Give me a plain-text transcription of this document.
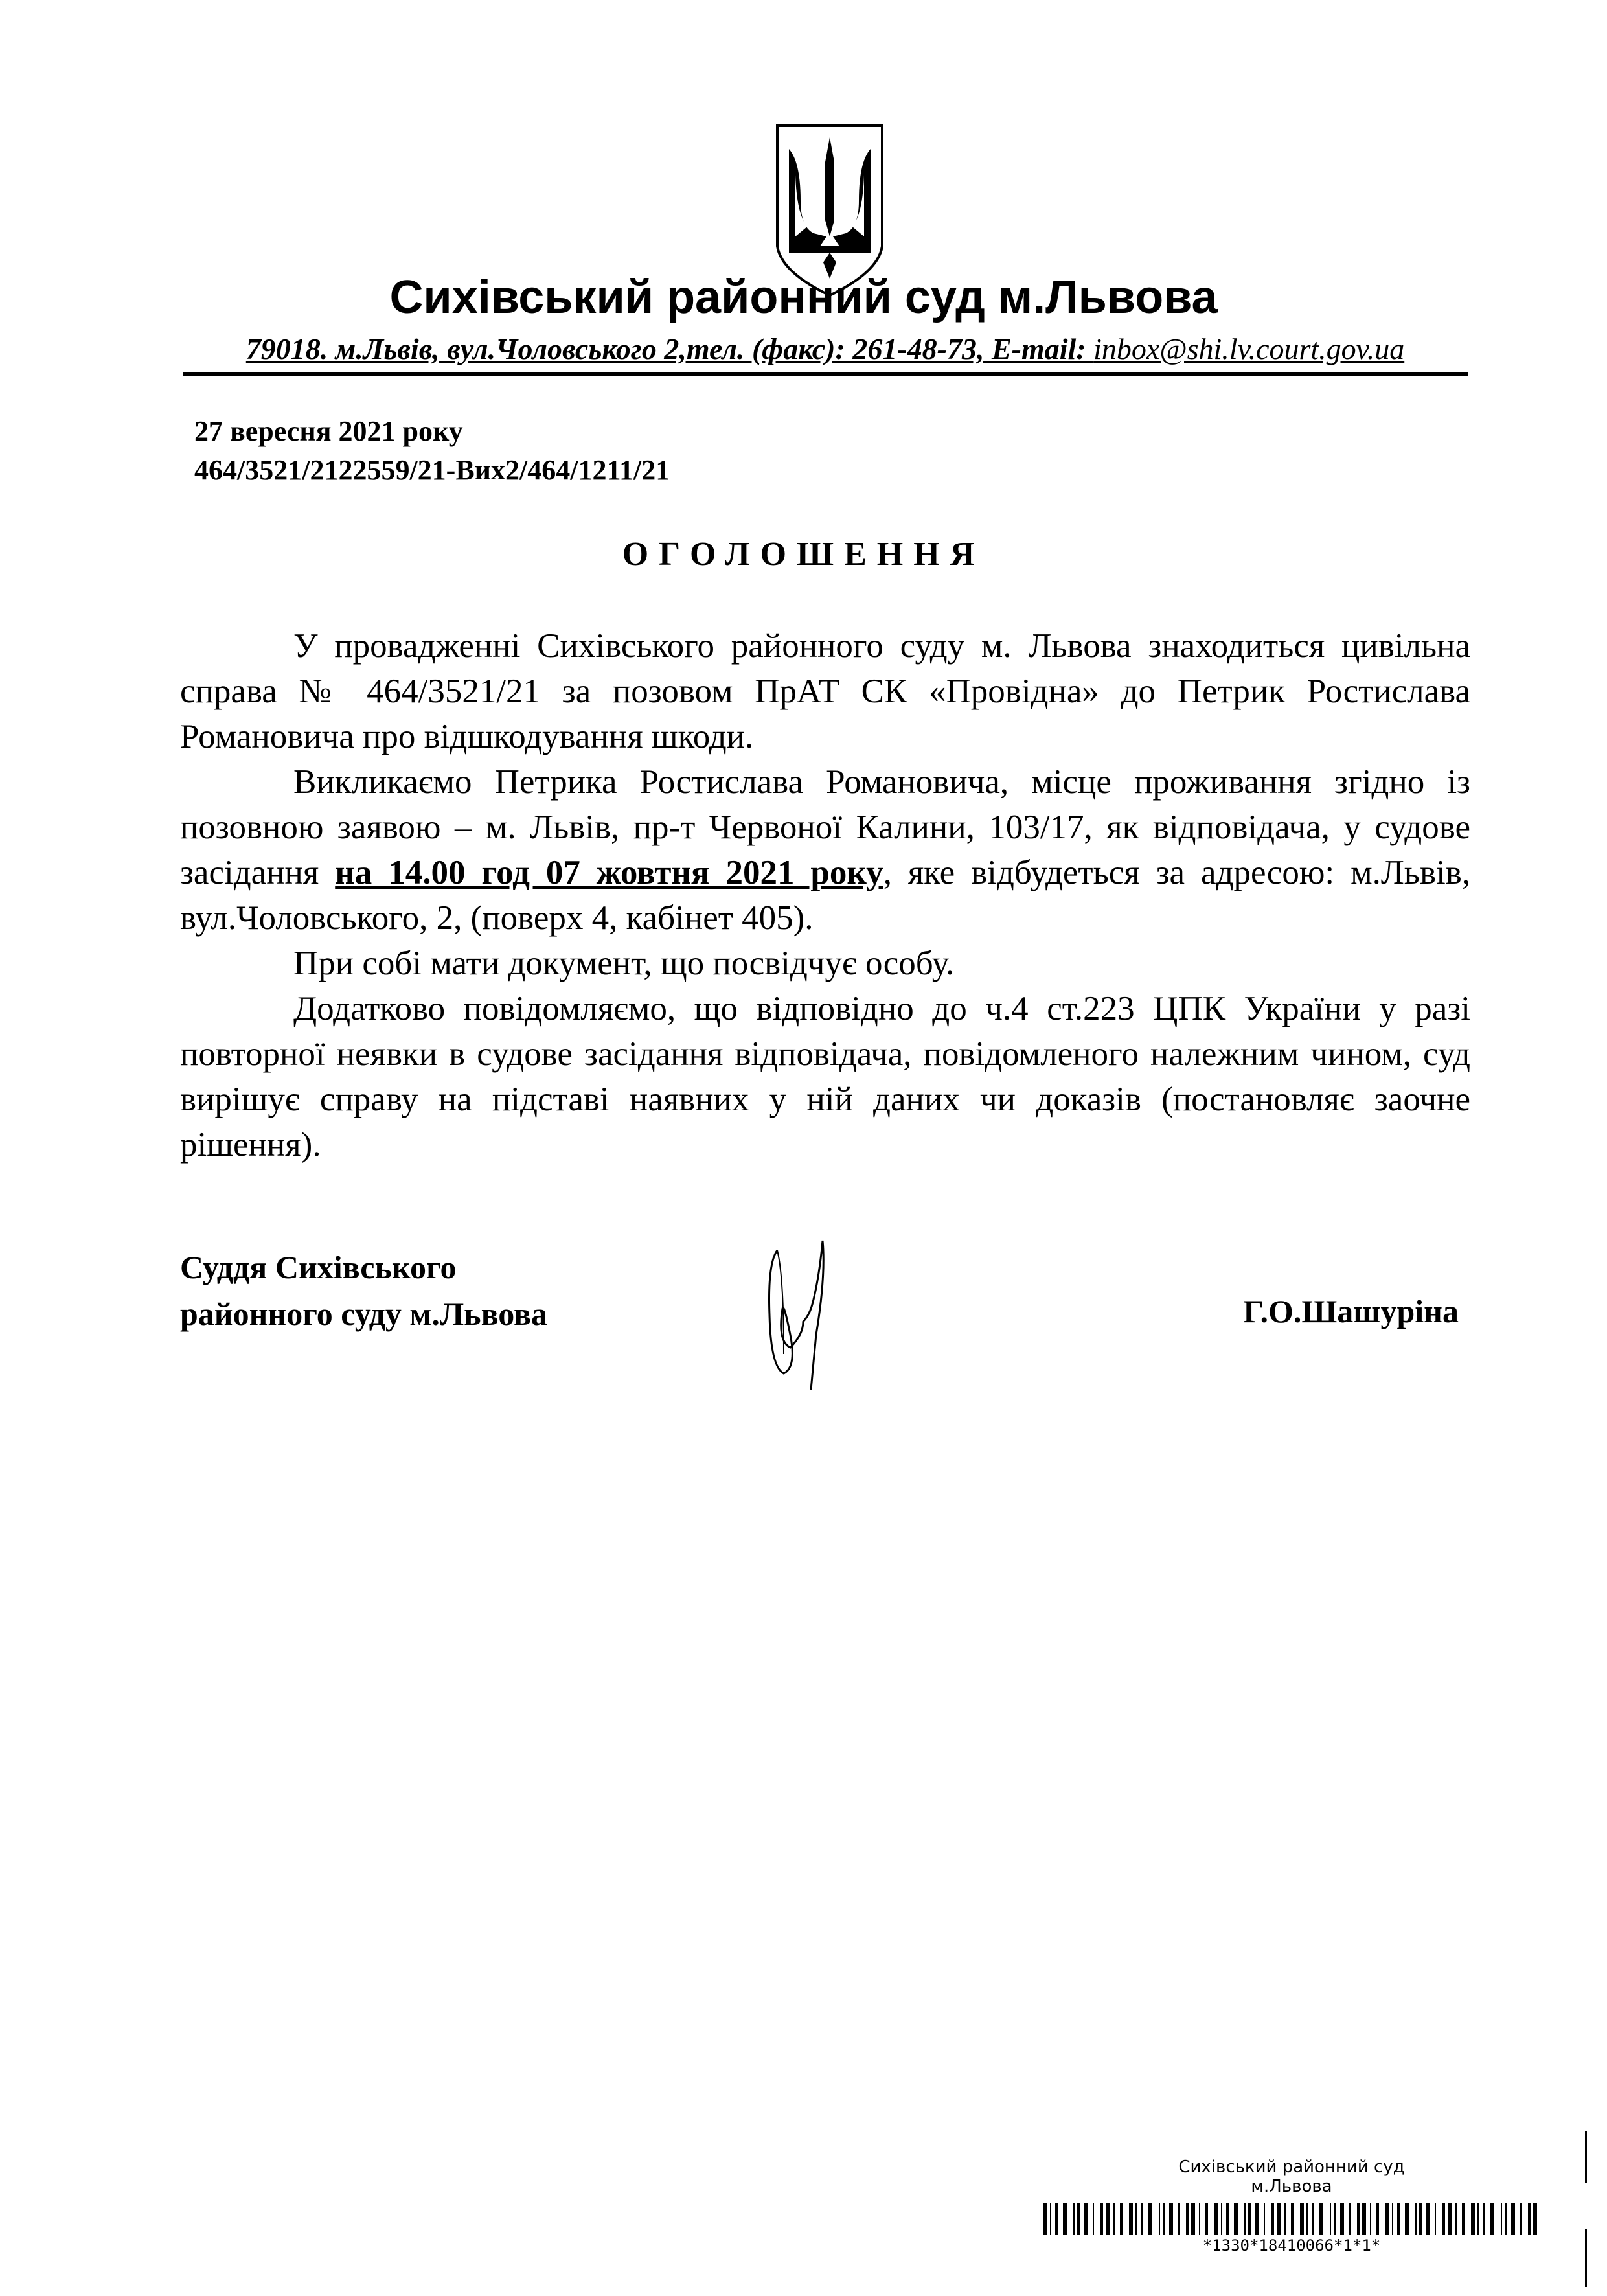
Сихівський районний суд м.Львова
79018. м.Львів, вул.Чоловського 2,тел. (факс): 261-48-73, E-mail: inbox@shi.lv.court.gov.ua
27 вересня 2021 року
464/3521/2122559/21-Вих2/464/1211/21
ОГОЛОШЕННЯ

У провадженні Сихівського районного суду м. Львова знаходиться цивільна справа № 464/3521/21 за позовом ПрАТ СК «Провідна» до Петрик Ростислава Романовича про відшкодування шкоди.

Викликаємо Петрика Ростислава Романовича, місце проживання згідно із позовною заявою – м. Львів, пр-т Червоної Калини, 103/17, як відповідача, у судове засідання на 14.00 год 07 жовтня 2021 року, яке відбудеться за адресою: м.Львів, вул.Чоловського, 2, (поверх 4, кабінет 405).

При собі мати документ, що посвідчує особу.

Додатково повідомляємо, що відповідно до ч.4 ст.223 ЦПК України у разі повторної неявки в судове засідання відповідача, повідомленого належним чином, суд вирішує справу на підставі наявних у ній даних чи доказів (постановляє заочне рішення).

Суддя Сихівського
районного суду м.Львова	Г.О.Шашуріна
Сихівський районний суд
м.Львова
*1330*18410066*1*1*
